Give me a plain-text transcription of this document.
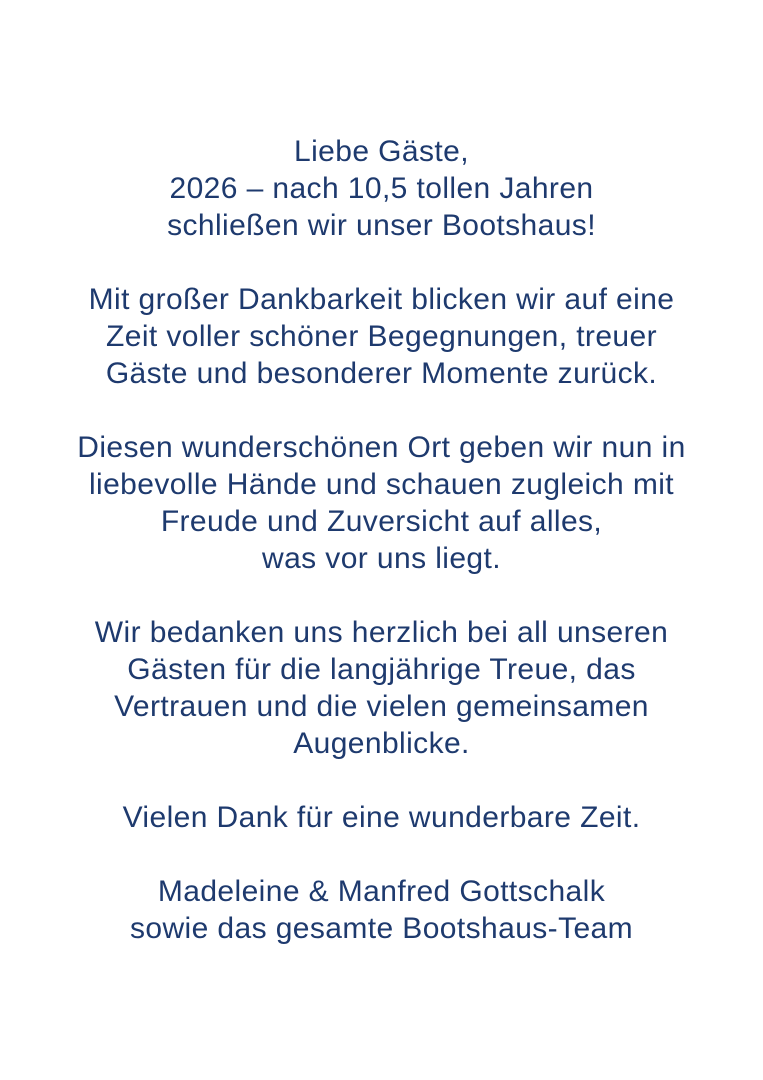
Liebe Gäste,
2026 – nach 10,5 tollen Jahren
schließen wir unser Bootshaus!
Mit großer Dankbarkeit blicken wir auf eine
Zeit voller schöner Begegnungen, treuer
Gäste und besonderer Momente zurück.
Diesen wunderschönen Ort geben wir nun in
liebevolle Hände und schauen zugleich mit
Freude und Zuversicht auf alles,
was vor uns liegt.
Wir bedanken uns herzlich bei all unseren
Gästen für die langjährige Treue, das
Vertrauen und die vielen gemeinsamen
Augenblicke.
Vielen Dank für eine wunderbare Zeit.
Madeleine & Manfred Gottschalk
sowie das gesamte Bootshaus-Team
